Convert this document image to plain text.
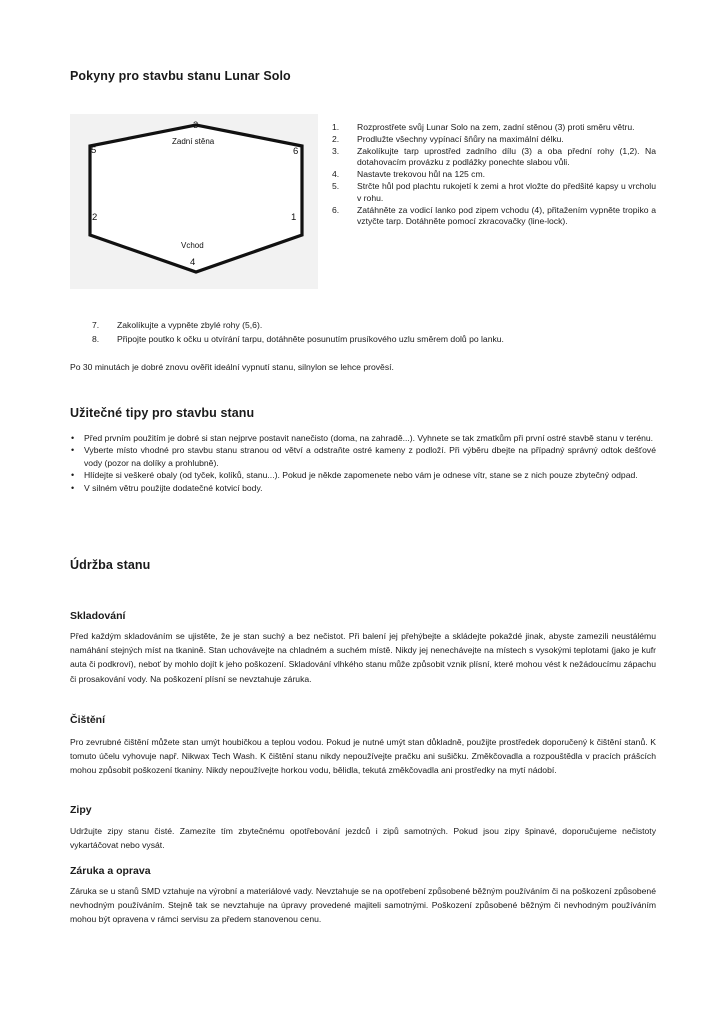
Pokyny pro stavbu stanu Lunar Solo
3
5	6
2	1
4
Zadní stěna
Vchod
1. Rozprostřete svůj Lunar Solo na zem, zadní stěnou (3) proti směru větru.
2. Prodlužte všechny vypínací šňůry na maximální délku.
3. Zakolíkujte tarp uprostřed zadního dílu (3) a oba přední rohy (1,2). Na dotahovacím provázku z podlážky ponechte slabou vůli.
4. Nastavte trekovou hůl na 125 cm.
5. Strčte hůl pod plachtu rukojetí k zemi a hrot vložte do předšité kapsy u vrcholu v rohu.
6. Zatáhněte za vodicí lanko pod zipem vchodu (4), přitažením vypněte tropiko a vztyčte tarp. Dotáhněte pomocí zkracovačky (line-lock).
7. Zakolíkujte a vypněte zbylé rohy (5,6).
8. Připojte poutko k očku u otvírání tarpu, dotáhněte posunutím prusíkového uzlu směrem dolů po lanku.
Po 30 minutách je dobré znovu ověřit ideální vypnutí stanu, silnylon se lehce prověsí.
Užitečné tipy pro stavbu stanu
• Před prvním použitím je dobré si stan nejprve postavit nanečisto (doma, na zahradě...). Vyhnete se tak zmatkům při první ostré stavbě stanu v terénu.
• Vyberte místo vhodné pro stavbu stanu stranou od větví a odstraňte ostré kameny z podloží. Při výběru dbejte na případný správný odtok dešťové vody (pozor na dolíky a prohlubně).
• Hlídejte si veškeré obaly (od tyček, kolíků, stanu...). Pokud je někde zapomenete nebo vám je odnese vítr, stane se z nich pouze zbytečný odpad.
• V silném větru použijte dodatečné kotvicí body.
Údržba stanu
Skladování
Před každým skladováním se ujistěte, že je stan suchý a bez nečistot. Při balení jej přehýbejte a skládejte pokaždé jinak, abyste zamezili neustálému namáhání stejných míst na tkanině. Stan uchovávejte na chladném a suchém místě. Nikdy jej nenechávejte na místech s vysokými teplotami (jako je kufr auta či podkroví), neboť by mohlo dojít k jeho poškození. Skladování vlhkého stanu může způsobit vznik plísní, které mohou vést k nežádoucímu zápachu či prosakování vody. Na poškození plísní se nevztahuje záruka.
Čištění
Pro zevrubné čištění můžete stan umýt houbičkou a teplou vodou. Pokud je nutné umýt stan důkladně, použijte prostředek doporučený k čištění stanů. K tomuto účelu vyhovuje např. Nikwax Tech Wash. K čištění stanu nikdy nepoužívejte pračku ani sušičku. Změkčovadla a rozpouštědla v pracích prášcích mohou způsobit poškození tkaniny. Nikdy nepoužívejte horkou vodu, bělidla, tekutá změkčovadla ani prostředky na mytí nádobí.
Zipy
Udržujte zipy stanu čisté. Zamezíte tím zbytečnému opotřebování jezdců i zipů samotných. Pokud jsou zipy špinavé, doporučujeme nečistoty vykartáčovat nebo vysát.
Záruka a oprava
Záruka se u stanů SMD vztahuje na výrobní a materiálové vady. Nevztahuje se na opotřebení způsobené běžným používáním či na poškození způsobené nevhodným používáním. Stejně tak se nevztahuje na úpravy provedené majiteli samotnými. Poškození způsobené běžným či nevhodným používáním mohou být opravena v rámci servisu za předem stanovenou cenu.
